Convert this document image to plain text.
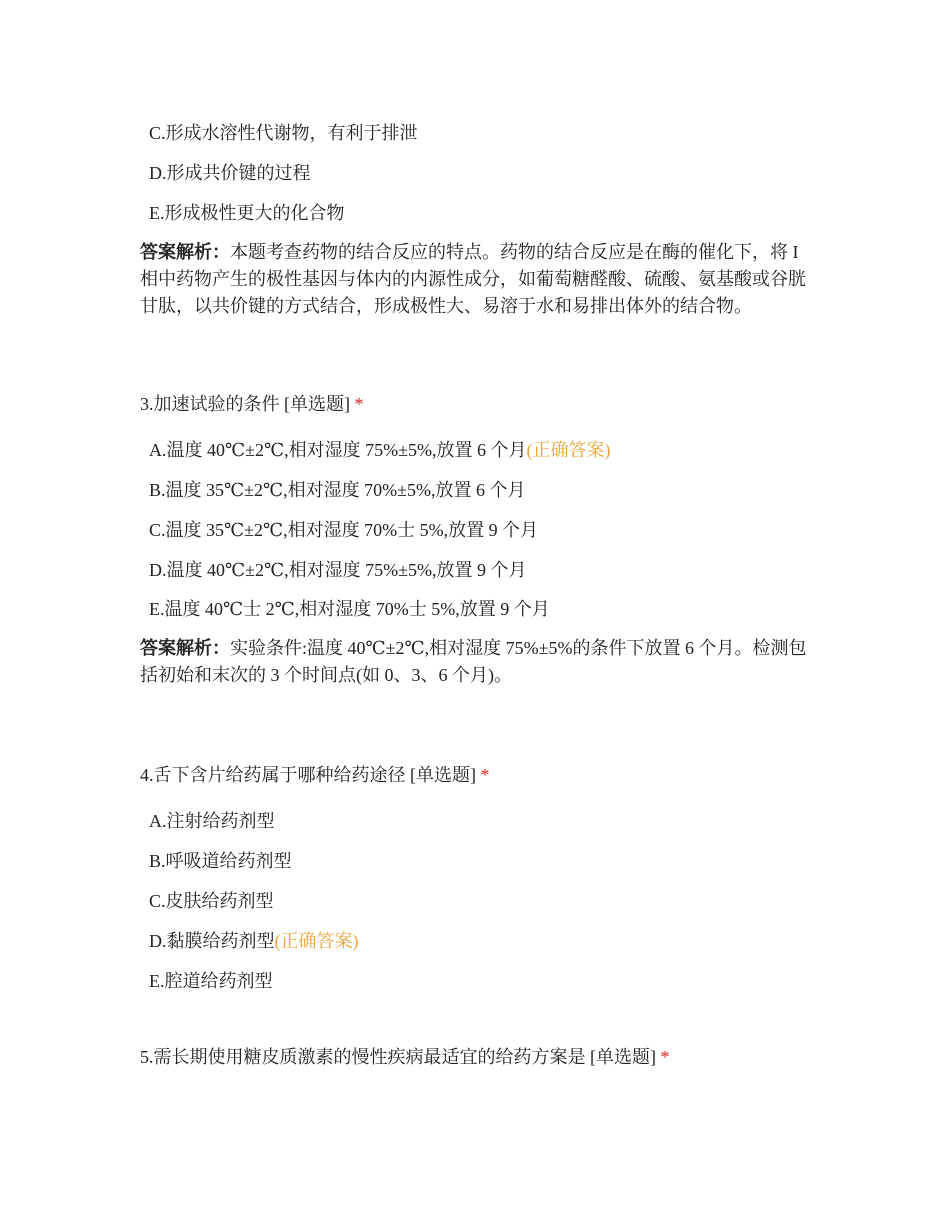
C.形成水溶性代谢物，有利于排泄
D.形成共价键的过程
E.形成极性更大的化合物
答案解析：本题考查药物的结合反应的特点。药物的结合反应是在酶的催化下，将 I 相中药物产生的极性基因与体内的内源性成分，如葡萄糖醛酸、硫酸、氨基酸或谷胱甘肽，以共价键的方式结合，形成极性大、易溶于水和易排出体外的结合物。
3.加速试验的条件 [单选题] *
A.温度 40℃±2℃,相对湿度 75%±5%,放置 6 个月(正确答案)
B.温度 35℃±2℃,相对湿度 70%±5%,放置 6 个月
C.温度 35℃±2℃,相对湿度 70%士 5%,放置 9 个月
D.温度 40℃±2℃,相对湿度 75%±5%,放置 9 个月
E.温度 40℃士 2℃,相对湿度 70%士 5%,放置 9 个月
答案解析：实验条件:温度 40℃±2℃,相对湿度 75%±5%的条件下放置 6 个月。检测包括初始和末次的 3 个时间点(如 0、3、6 个月)。
4.舌下含片给药属于哪种给药途径 [单选题] *
A.注射给药剂型
B.呼吸道给药剂型
C.皮肤给药剂型
D.黏膜给药剂型(正确答案)
E.腔道给药剂型
5.需长期使用糖皮质激素的慢性疾病最适宜的给药方案是 [单选题] *
